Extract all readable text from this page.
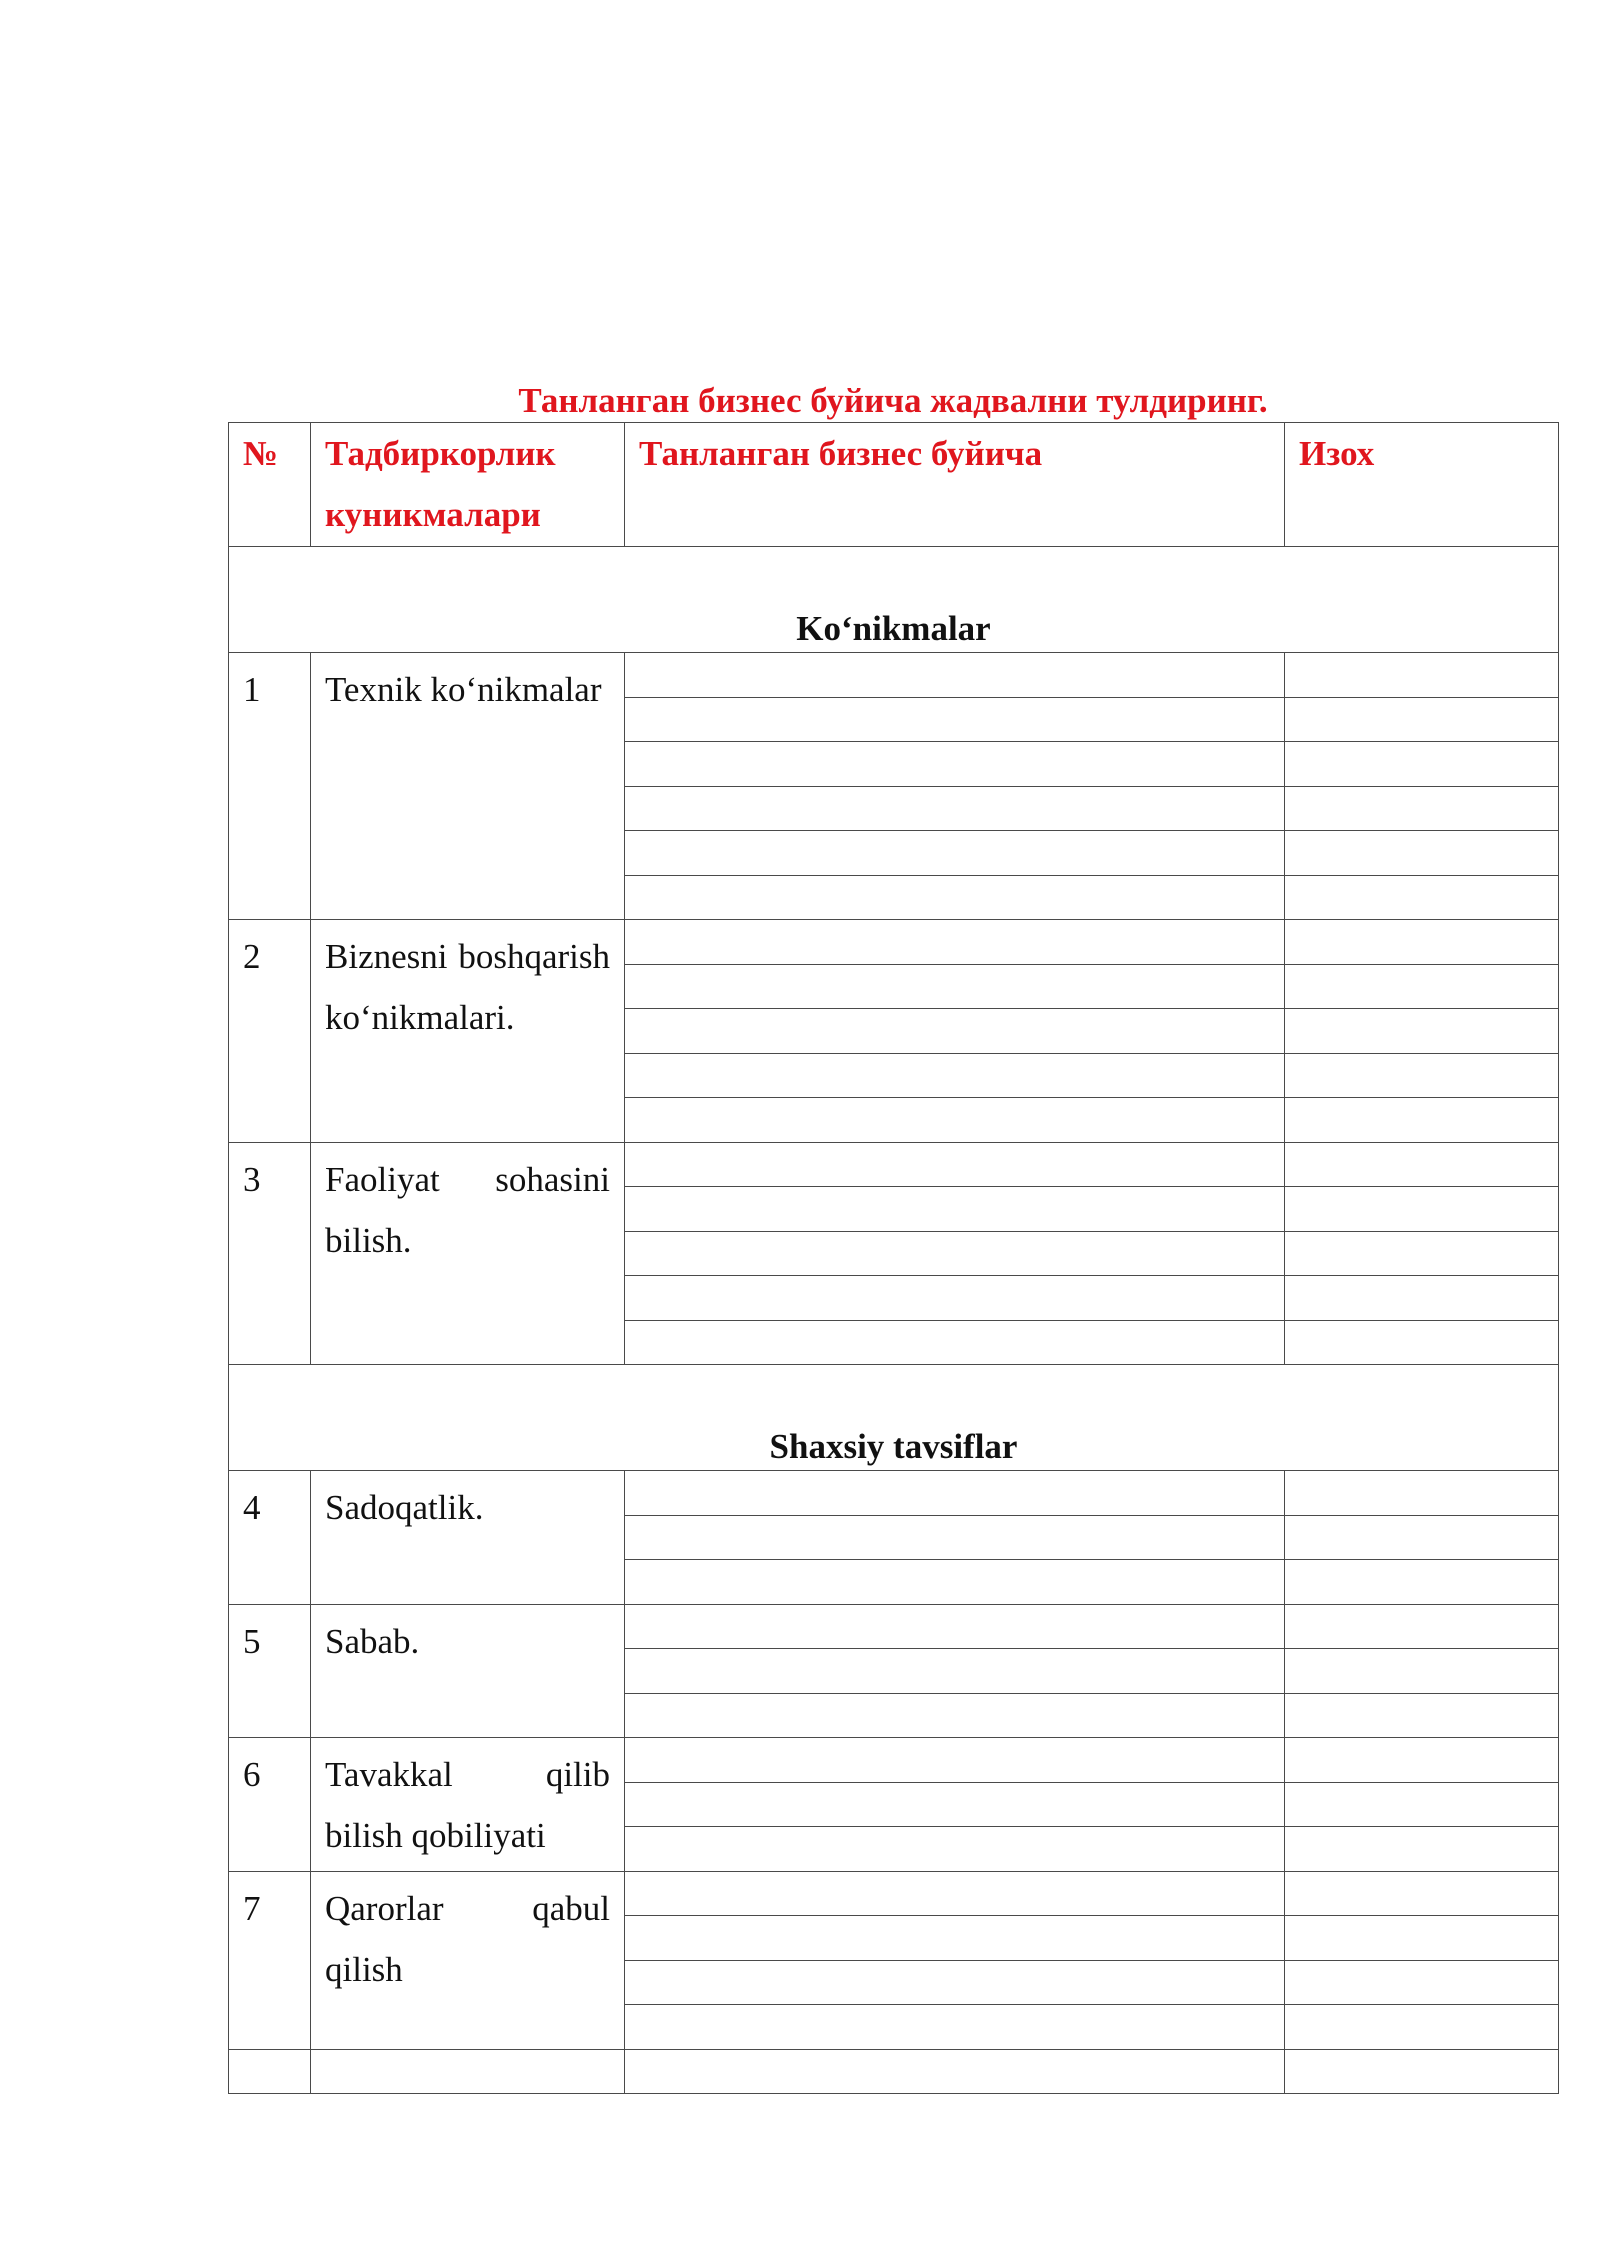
Танланган бизнес буйича жадвални тулдиринг.
№	Тадбиркорлик куникмалари	Танланган бизнес буйича	Изох
Ko‘nikmalar			
1	Texnik ko‘nikmalar		

2	Biznesni boshqarish ko‘nikmalari.		

3	Faoliyat sohasini bilish.		

Shaxsiy tavsiflar			
4	Sadoqatlik.		

5	Sabab.		

6	Tavakkal qilib bilish qobiliyati		

7	Qarorlar qabul qilish		
